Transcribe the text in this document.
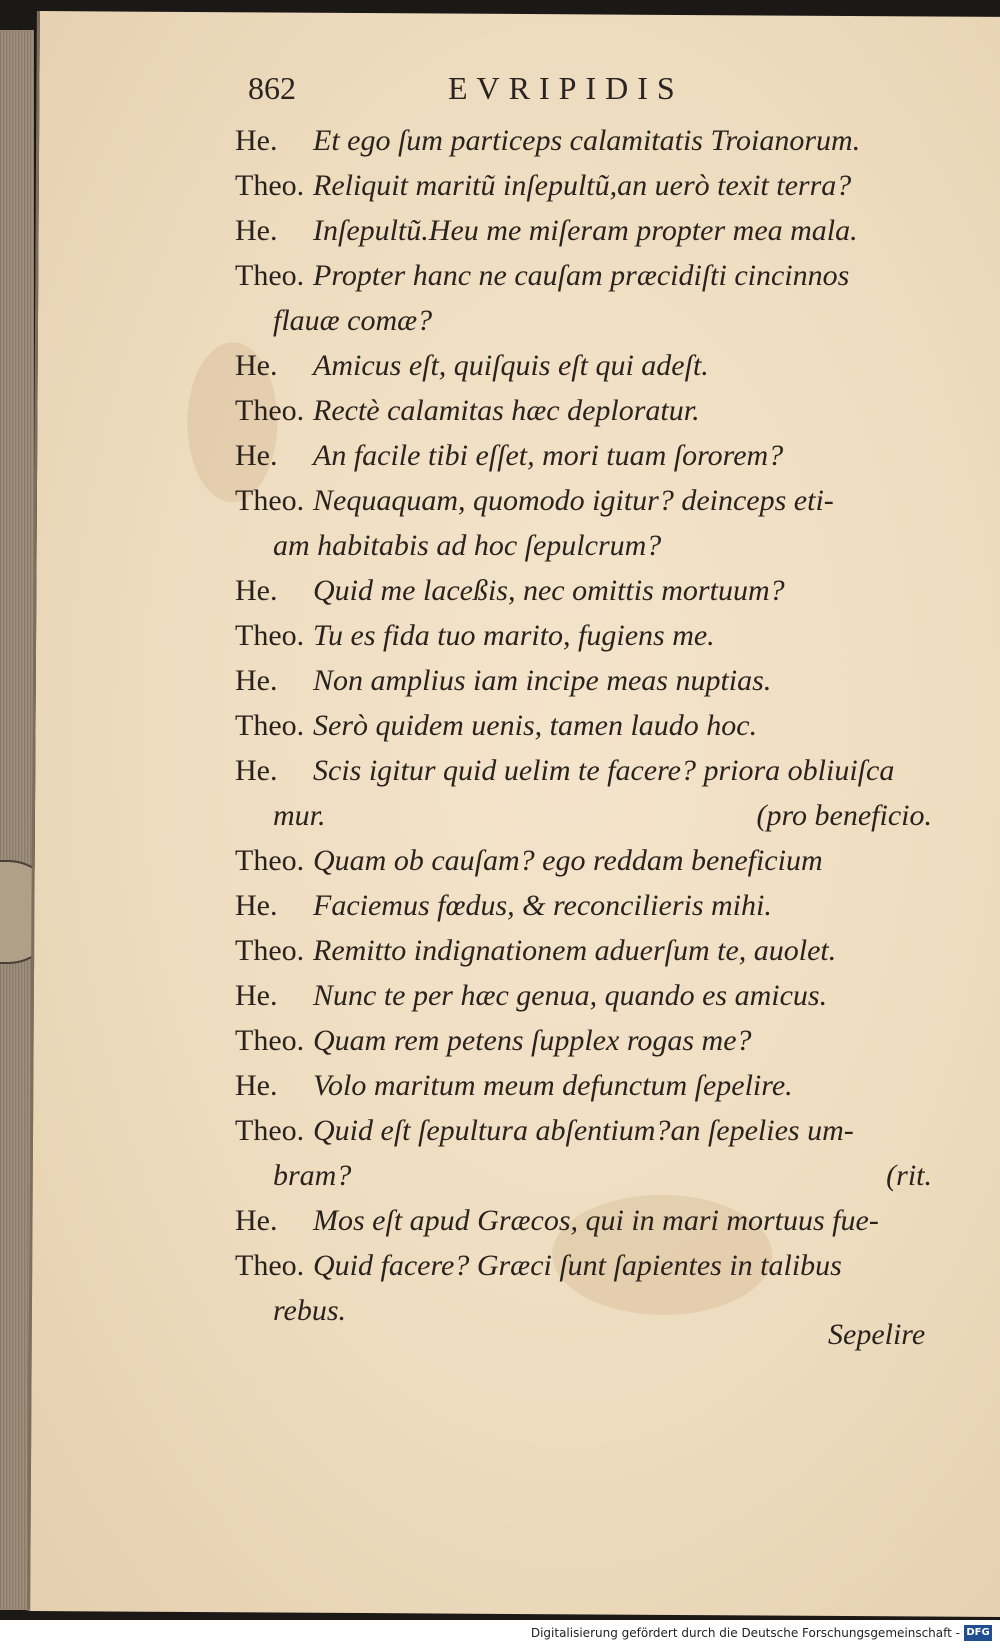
862	EVRIPIDIS
He. Et ego ſum particeps calamitatis Troianorum.
Theo. Reliquit maritũ inſepultũ,an uerò texit terra?
He. Inſepultũ.Heu me miſeram propter mea mala.
Theo. Propter hanc ne cauſam præcidiſti cincinnos
flauæ comæ?
He. Amicus eſt, quiſquis eſt qui adeſt.
Theo. Rectè calamitas hæc deploratur.
He. An facile tibi eſſet, mori tuam ſororem?
Theo. Nequaquam, quomodo igitur? deinceps eti-
am habitabis ad hoc ſepulcrum?
He. Quid me laceßis, nec omittis mortuum?
Theo. Tu es fida tuo marito, fugiens me.
He. Non amplius iam incipe meas nuptias.
Theo. Serò quidem uenis, tamen laudo hoc.
He. Scis igitur quid uelim te facere? priora obliuiſca
mur.	(pro beneficio.
Theo. Quam ob cauſam? ego reddam beneficium
He. Faciemus fœdus, & reconcilieris mihi.
Theo. Remitto indignationem aduerſum te, auolet.
He. Nunc te per hæc genua, quando es amicus.
Theo. Quam rem petens ſupplex rogas me?
He. Volo maritum meum defunctum ſepelire.
Theo. Quid eſt ſepultura abſentium?an ſepelies um-
bram?	(rit.
He. Mos eſt apud Græcos, qui in mari mortuus fue-
Theo. Quid facere? Græci ſunt ſapientes in talibus
rebus.
Sepelire
Digitalisierung gefördert durch die Deutsche Forschungsgemeinschaft - DFG
